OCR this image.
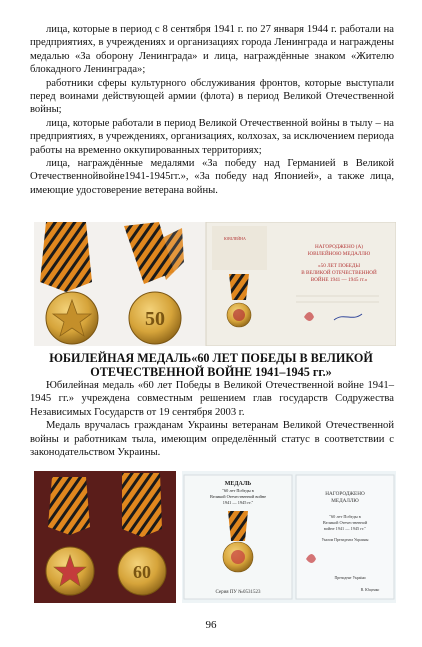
лица, которые в период с 8 сентября 1941 г. по 27 января 1944 г. работали на предприятиях, в учреждениях и организациях города Ленинграда и награждены медалью «За оборону Ленинграда» и лица, награждённые знаком «Жителю блокадного Ленинграда»;

работники сферы культурного обслуживания фронтов, которые выступали перед воинами действующей армии (флота) в период Великой Отечественной войны;

лица, которые работали в период Великой Отечественной войны в тылу – на предприятиях, в учреждениях, организациях, колхозах, за исключением периода работы на временно оккупированных территориях;

лица, награждённые медалями «За победу над Германией в Великой Отечественнойвойне1941-1945гг.», «За победу над Японией», а также лица, имеющие удостоверение ветерана войны.

50
ЮВІЛЕЙНА
НАГОРОДЖЕНО (А)
ЮВІЛЕЙНОЮ МЕДАЛЛЮ
«50 ЛЕТ ПОБЕДЫ
В ВЕЛИКОЙ ОТЕЧЕСТВЕННОЙ
ВОЙНЕ 1941 — 1945 гг.»
ЮБИЛЕЙНАЯ МЕДАЛЬ«60 ЛЕТ ПОБЕДЫ В ВЕЛИКОЙ ОТЕЧЕСТВЕННОЙ ВОЙНЕ 1941–1945 гг.»

Юбилейная медаль «60 лет Победы в Великой Отечественной войне 1941–1945 гг.» учреждена совместным решением глав государств Содружества Независимых Государств от 19 сентября 2003 г.

Медаль вручалась гражданам Украины ветеранам Великой Отечественной войны и работникам тыла, имеющим определённый статус в соответствии с законодательством Украины.

60
МЕДАЛЬ
"60 лет Победы в
Великой Отечественной войне
1941 — 1945 гг."
Серия ПУ №0531523
НАГОРОДЖЕНО
МЕДАЛЛЮ
"60 лет Победы в
Великой Отечественной
войне 1941 — 1945 гг."
Указом Президента Украины
Президент України
В. Ющенко
96
